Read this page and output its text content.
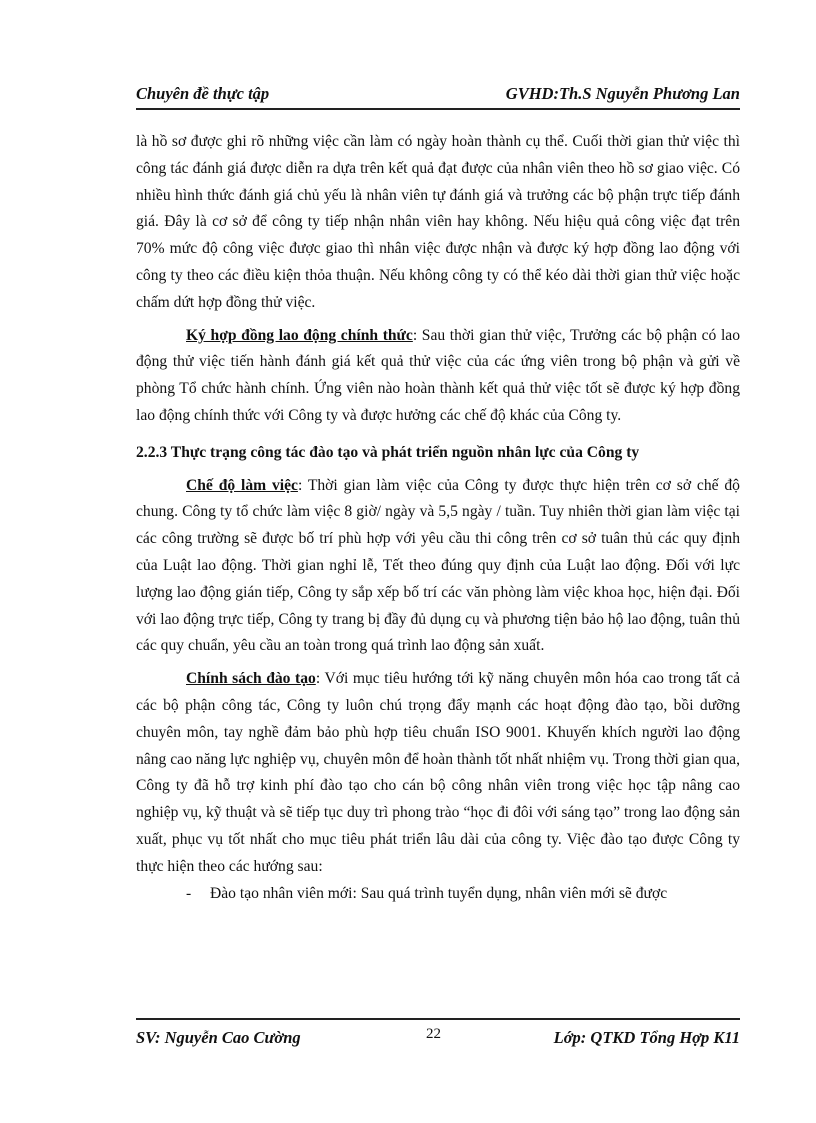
Chuyên đề thực tập	GVHD:Th.S Nguyễn Phương Lan

là hồ sơ được ghi rõ những việc cần làm có ngày hoàn thành cụ thể. Cuối thời gian thử việc thì công tác đánh giá được diễn ra dựa trên kết quả đạt được của nhân viên theo hồ sơ giao việc. Có nhiều hình thức đánh giá chủ yếu là nhân viên tự đánh giá và trưởng các bộ phận trực tiếp đánh giá. Đây là cơ sở để công ty tiếp nhận nhân viên hay không. Nếu hiệu quả công việc đạt trên 70% mức độ công việc được giao thì nhân việc được nhận và được ký hợp đồng lao động với công ty theo các điều kiện thỏa thuận. Nếu không công ty có thể kéo dài thời gian thử việc hoặc chấm dứt hợp đồng thử việc.

Ký hợp đồng lao động chính thức: Sau thời gian thử việc, Trưởng các bộ phận có lao động thử việc tiến hành đánh giá kết quả thử việc của các ứng viên trong bộ phận và gửi về phòng Tổ chức hành chính. Ứng viên nào hoàn thành kết quả thử việc tốt sẽ được ký hợp đồng lao động chính thức với Công ty và được hưởng các chế độ khác của Công ty.

2.2.3 Thực trạng công tác đào tạo và phát triển nguồn nhân lực của Công ty

Chế độ làm việc: Thời gian làm việc của Công ty được thực hiện trên cơ sở chế độ chung. Công ty tổ chức làm việc 8 giờ/ ngày và 5,5 ngày / tuần. Tuy nhiên thời gian làm việc tại các công trường sẽ được bố trí phù hợp với yêu cầu thi công trên cơ sở tuân thủ các quy định của Luật lao động. Thời gian nghỉ lễ, Tết theo đúng quy định của Luật lao động. Đối với lực lượng lao động gián tiếp, Công ty sắp xếp bố trí các văn phòng làm việc khoa học, hiện đại. Đối với lao động trực tiếp, Công ty trang bị đầy đủ dụng cụ và phương tiện bảo hộ lao động, tuân thủ các quy chuẩn, yêu cầu an toàn trong quá trình lao động sản xuất.

Chính sách đào tạo: Với mục tiêu hướng tới kỹ năng chuyên môn hóa cao trong tất cả các bộ phận công tác, Công ty luôn chú trọng đẩy mạnh các hoạt động đào tạo, bồi dưỡng chuyên môn, tay nghề đảm bảo phù hợp tiêu chuẩn ISO 9001. Khuyến khích người lao động nâng cao năng lực nghiệp vụ, chuyên môn để hoàn thành tốt nhất nhiệm vụ. Trong thời gian qua, Công ty đã hỗ trợ kinh phí đào tạo cho cán bộ công nhân viên trong việc học tập nâng cao nghiệp vụ, kỹ thuật và sẽ tiếp tục duy trì phong trào “học đi đôi với sáng tạo” trong lao động sản xuất, phục vụ tốt nhất cho mục tiêu phát triển lâu dài của công ty. Việc đào tạo được Công ty thực hiện theo các hướng sau:

- Đào tạo nhân viên mới: Sau quá trình tuyển dụng, nhân viên mới sẽ được

SV: Nguyễn Cao Cường	22	Lớp: QTKD Tổng Hợp K11
